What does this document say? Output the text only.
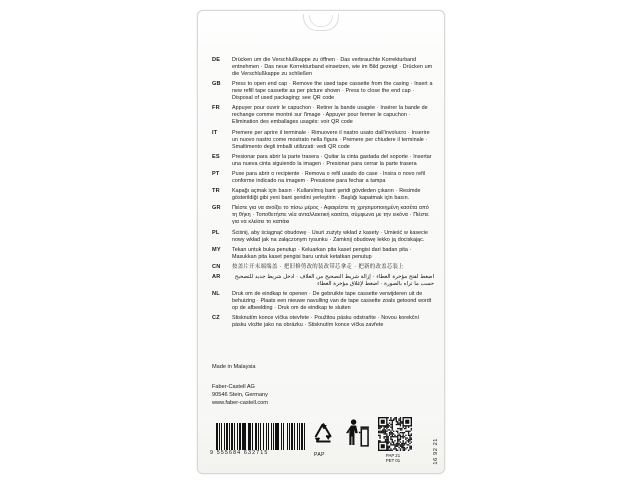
DE	Drücken um die Verschlußkappe zu öffnen · Das verbrauchte Korrekturband entnehmen · Das neue Korrekturband einsetzen, wie im Bild gezeigt · Drücken um die Verschlußkappe zu schließen
GB	Press to open end cap · Remove the used tape cassette from the casing · Insert a new refill tape cassette as per picture shown · Press to close the end cap · Disposal of used packaging: see QR code
FR	Appuyer pour ouvrir le capuchon · Retirer la bande usagée · Insérer la bande de rechange comme montré sur l'image · Appuyer pour fermer le capuchon · Elimination des emballages usagés: voir QR code
IT	Premere per aprire il terminale · Rimuovere il nastro usato dall'involucro · Inserire un nuovo nastro come mostrato nella figura · Premere per chiudere il terminale · Smaltimento degli imballi utilizzati: vedi QR code
ES	Presionar para abrir la parte trasera · Quitar la cinta gastada del soporte · Insertar una nueva cinta siguiendo la imagen · Presionar para cerrar la parte trasera
PT	Puxe para abrir o recipiente · Remova o refil usado do case · Insira o novo refil conforme indicado na imagem · Pressione para fechar a tampa
TR	Kapağı açmak için basın · Kullanılmış bant şeridi gövdeden çıkarın · Resimde gösterildiği gibi yeni bant şeridini yerleştirin · Başlığı kapatmak için basın.
GR	Πιέστε για να ανοίξει το πίσω μέρος · Αφαιρέστε τη χρησιμοποιημένη κασέτα από τη θήκη · Τοποθετήστε νέα ανταλλακτική κασέτα, σύμφωνα με την εικόνα · Πιέστε για να κλείσει το καπάκι
PL	Ściśnij, aby ściągnąć obudowę · Usuń zużyty wkład z kasety · Umieść w kasecie nowy wkład jak na załączonym rysunku · Zamknij obudowę lekko ją dociskając.
MY	Tekan untuk buka penutup · Keluarkan pita kaset pengisi dari badan pita · Masukkan pita kaset pengisi baru untuk ketatkan penutup
CN	按盖片开末端端盖 · 把旧修剪改的装改带芯拿走 · 把新的改盖芯装上
AR	اضغط لفتح مؤخرة الغطاء · إزالة شريط التصحيح من الغلاف · ادخل شريط جديد للتصحيح حسب ما تراه بالصورة · اضغط لإغلاق مؤخرة الغطاء
NL	Druk om de eindkap te openen · De gebruikte tape cassette verwijderen uit de behuizing · Plaats een nieuwe navulling van de tape cassette zoals getoond wordt op de afbeelding · Druk om de eindkap te sluiten
CZ	Stisknutím konce víčka otevřete · Použitou pásku odstraňte · Novou korekční pásku vložte jako na obrázku · Stisknutím konce víčka zavřete
Made in Malaysia
Faber-Castell AG
90546 Stein, Germany
www.faber-castell.com
9 555684 632715	PAP	PAP 21
PET 01	16 92 21
